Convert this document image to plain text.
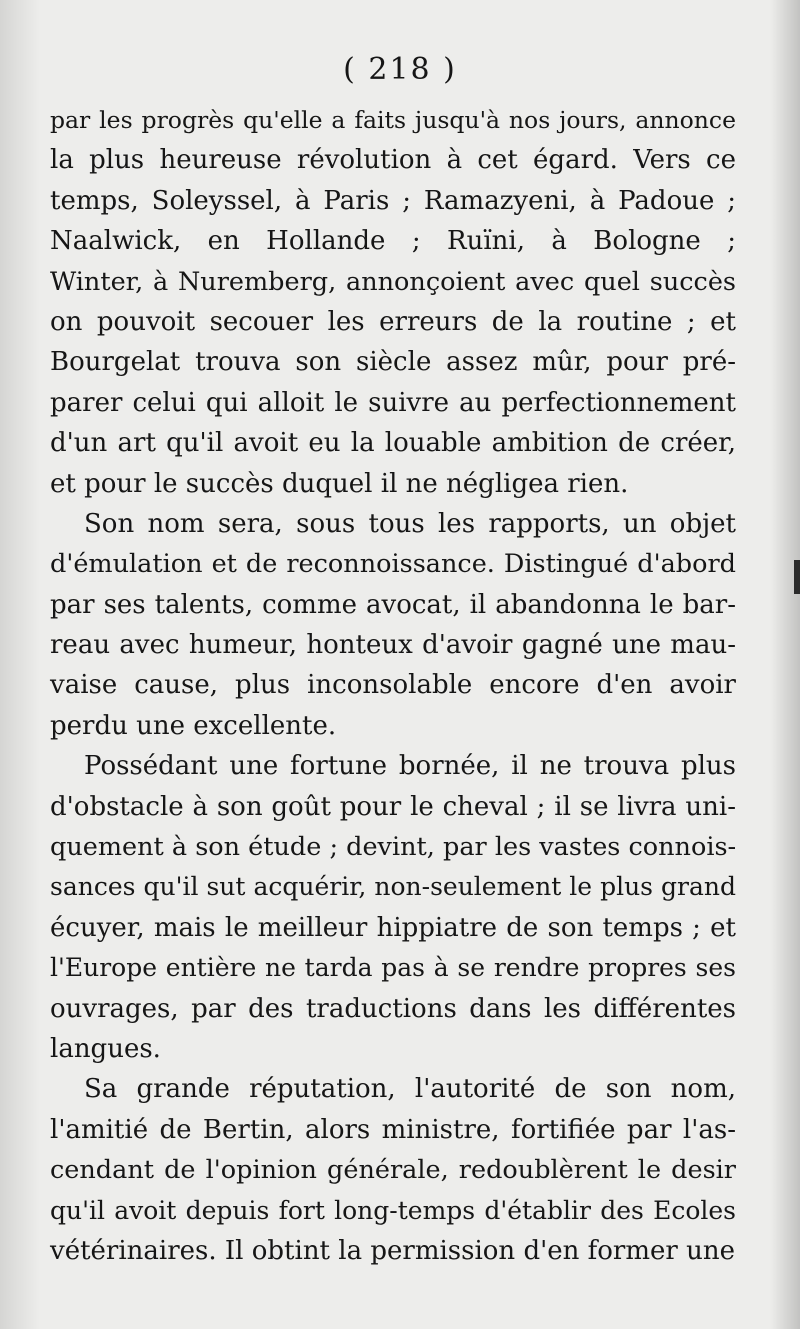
( 218 )
par les progrès qu'elle a faits jusqu'à nos jours, annonce
la plus heureuse révolution à cet égard. Vers ce
temps, Soleyssel, à Paris ; Ramazyeni, à Padoue ;
Naalwick, en Hollande ; Ruïni, à Bologne ;
Winter, à Nuremberg, annonçoient avec quel succès
on pouvoit secouer les erreurs de la routine ; et
Bourgelat trouva son siècle assez mûr, pour pré-
parer celui qui alloit le suivre au perfectionnement
d'un art qu'il avoit eu la louable ambition de créer,
et pour le succès duquel il ne négligea rien.
Son nom sera, sous tous les rapports, un objet
d'émulation et de reconnoissance. Distingué d'abord
par ses talents, comme avocat, il abandonna le bar-
reau avec humeur, honteux d'avoir gagné une mau-
vaise cause, plus inconsolable encore d'en avoir
perdu une excellente.
Possédant une fortune bornée, il ne trouva plus
d'obstacle à son goût pour le cheval ; il se livra uni-
quement à son étude ; devint, par les vastes connois-
sances qu'il sut acquérir, non-seulement le plus grand
écuyer, mais le meilleur hippiatre de son temps ; et
l'Europe entière ne tarda pas à se rendre propres ses
ouvrages, par des traductions dans les différentes
langues.
Sa grande réputation, l'autorité de son nom,
l'amitié de Bertin, alors ministre, fortifiée par l'as-
cendant de l'opinion générale, redoublèrent le desir
qu'il avoit depuis fort long-temps d'établir des Ecoles
vétérinaires. Il obtint la permission d'en former une
